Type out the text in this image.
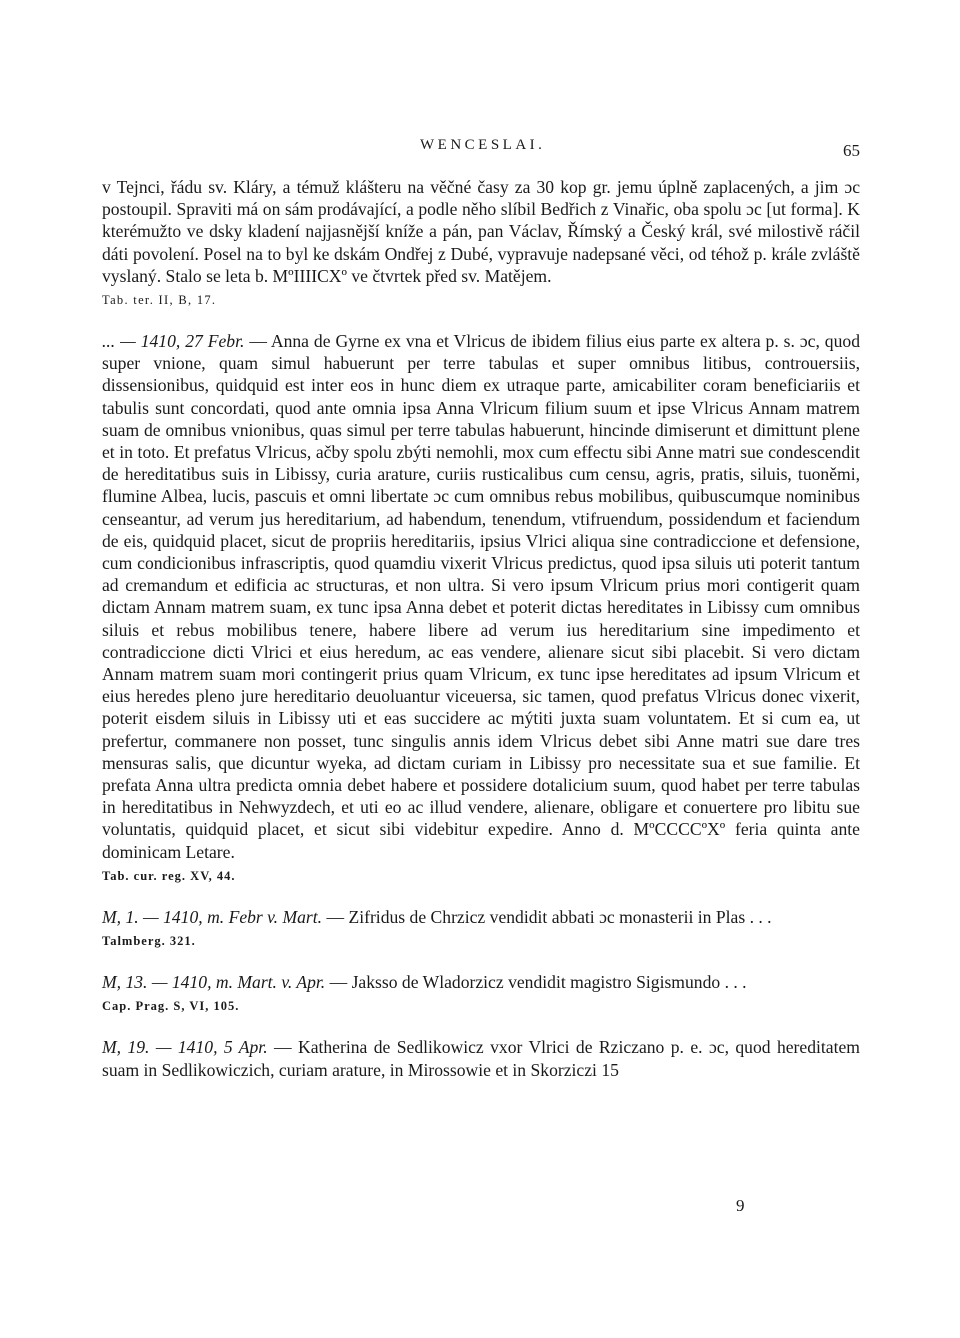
WENCESLAI.	65

v Tejnci, řádu sv. Kláry, a témuž klášteru na věčné časy za 30 kop gr. jemu úplně zaplacených, a jim ɔc postoupil. Spraviti má on sám prodávající, a podle něho slíbil Bedřich z Vinařic, oba spolu ɔc [ut forma]. K kterémužto ve dsky kladení najjasnější kníže a pán, pan Václav, Římský a Český král, své milostivě ráčil dáti povolení. Posel na to byl ke dskám Ondřej z Dubé, vypravuje nadepsané věci, od téhož p. krále zvláště vyslaný. Stalo se leta b. MºIIIICXº ve čtvrtek před sv. Matějem.

Tab. ter. II, B, 17.

... — 1410, 27 Febr. — Anna de Gyrne ex vna et Vlricus de ibidem filius eius parte ex altera p. s. ɔc, quod super vnione, quam simul habuerunt per terre tabulas et super omnibus litibus, controuersiis, dissensionibus, quidquid est inter eos in hunc diem ex utraque parte, amicabiliter coram beneficiariis et tabulis sunt concordati, quod ante omnia ipsa Anna Vlricum filium suum et ipse Vlricus Annam matrem suam de omnibus vnionibus, quas simul per terre tabulas habuerunt, hincinde dimiserunt et dimittunt plene et in toto. Et prefatus Vlricus, ačby spolu zbýti nemohli, mox cum effectu sibi Anne matri sue condescendit de hereditatibus suis in Libissy, curia arature, curiis rusticalibus cum censu, agris, pratis, siluis, tuoněmi, flumine Albea, lucis, pascuis et omni libertate ɔc cum omnibus rebus mobilibus, quibuscumque nominibus censeantur, ad verum jus hereditarium, ad habendum, tenendum, vtifruendum, possidendum et faciendum de eis, quidquid placet, sicut de propriis hereditariis, ipsius Vlrici aliqua sine contradiccione et defensione, cum condicionibus infrascriptis, quod quamdiu vixerit Vlricus predictus, quod ipsa siluis uti poterit tantum ad cremandum et edificia ac structuras, et non ultra. Si vero ipsum Vlricum prius mori contigerit quam dictam Annam matrem suam, ex tunc ipsa Anna debet et poterit dictas hereditates in Libissy cum omnibus siluis et rebus mobilibus tenere, habere libere ad verum ius hereditarium sine impedimento et contradiccione dicti Vlrici et eius heredum, ac eas vendere, alienare sicut sibi placebit. Si vero dictam Annam matrem suam mori contingerit prius quam Vlricum, ex tunc ipse hereditates ad ipsum Vlricum et eius heredes pleno jure hereditario deuoluantur viceuersa, sic tamen, quod prefatus Vlricus donec vixerit, poterit eisdem siluis in Libissy uti et eas succidere ac mýtiti juxta suam voluntatem. Et si cum ea, ut prefertur, commanere non posset, tunc singulis annis idem Vlricus debet sibi Anne matri sue dare tres mensuras salis, que dicuntur wyeka, ad dictam curiam in Libissy pro necessitate sua et sue familie. Et prefata Anna ultra predicta omnia debet habere et possidere dotalicium suum, quod habet per terre tabulas in hereditatibus in Nehwyzdech, et uti eo ac illud vendere, alienare, obligare et conuertere pro libitu sue voluntatis, quidquid placet, et sicut sibi videbitur expedire. Anno d. MºCCCCºXº feria quinta ante dominicam Letare.

Tab. cur. reg. XV, 44.

M, 1. — 1410, m. Febr v. Mart. — Zifridus de Chrzicz vendidit abbati ɔc monasterii in Plas . . .

Talmberg. 321.

M, 13. — 1410, m. Mart. v. Apr. — Jaksso de Wladorzicz vendidit magistro Sigismundo . . .

Cap. Prag. S, VI, 105.

M, 19. — 1410, 5 Apr. — Katherina de Sedlikowicz vxor Vlrici de Rziczano p. e. ɔc, quod hereditatem suam in Sedlikowiczich, curiam arature, in Mirossowie et in Skorziczi 15

9
